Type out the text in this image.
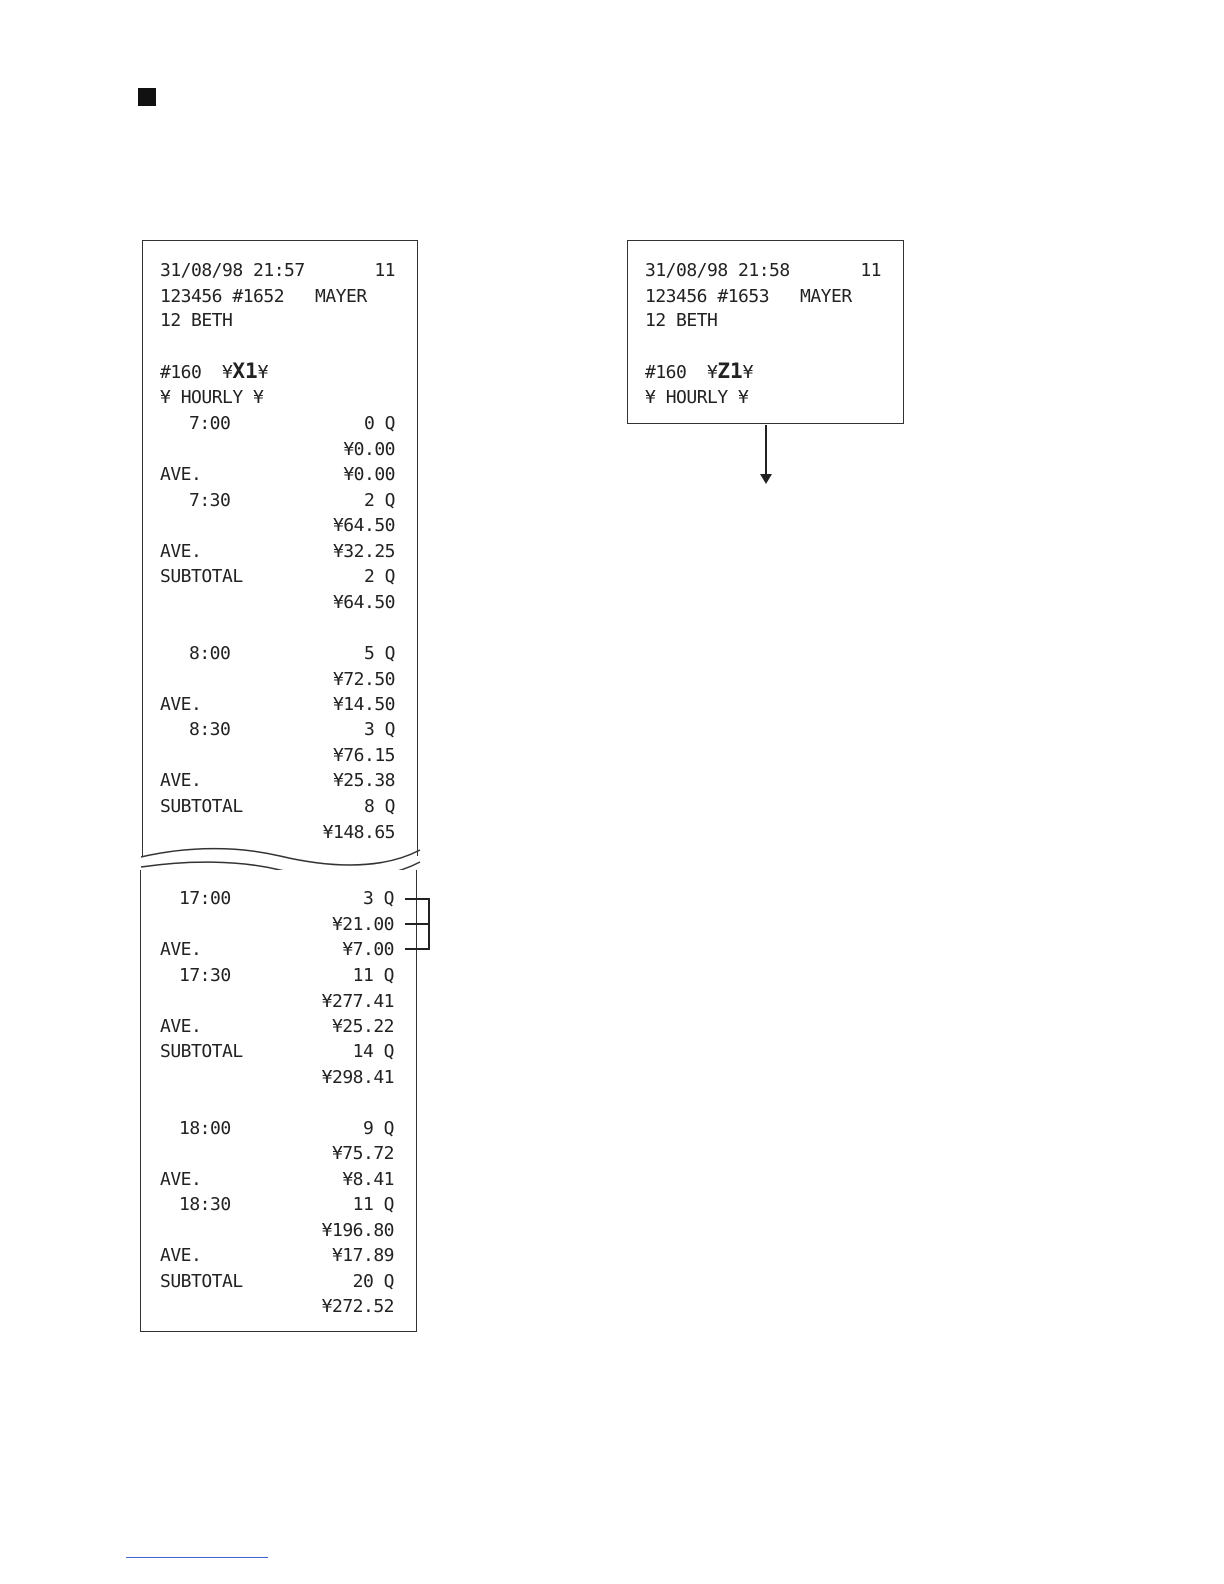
31/08/98 21:57	11
123456 #1652 MAYER
12 BETH
#160  ¥X1¥
¥ HOURLY ¥
7:00	0 Q
¥0.00
AVE.	¥0.00
7:30	2 Q
¥64.50
AVE.	¥32.25
SUBTOTAL	2 Q
¥64.50
8:00	5 Q
¥72.50
AVE.	¥14.50
8:30	3 Q
¥76.15
AVE.	¥25.38
SUBTOTAL	8 Q
¥148.65
17:00	3 Q
¥21.00
AVE.	¥7.00
17:30	11 Q
¥277.41
AVE.	¥25.22
SUBTOTAL	14 Q
¥298.41
18:00	9 Q
¥75.72
AVE.	¥8.41
18:30	11 Q
¥196.80
AVE.	¥17.89
SUBTOTAL	20 Q
¥272.52
31/08/98 21:58	11
123456 #1653 MAYER
12 BETH
#160  ¥Z1¥
¥ HOURLY ¥
